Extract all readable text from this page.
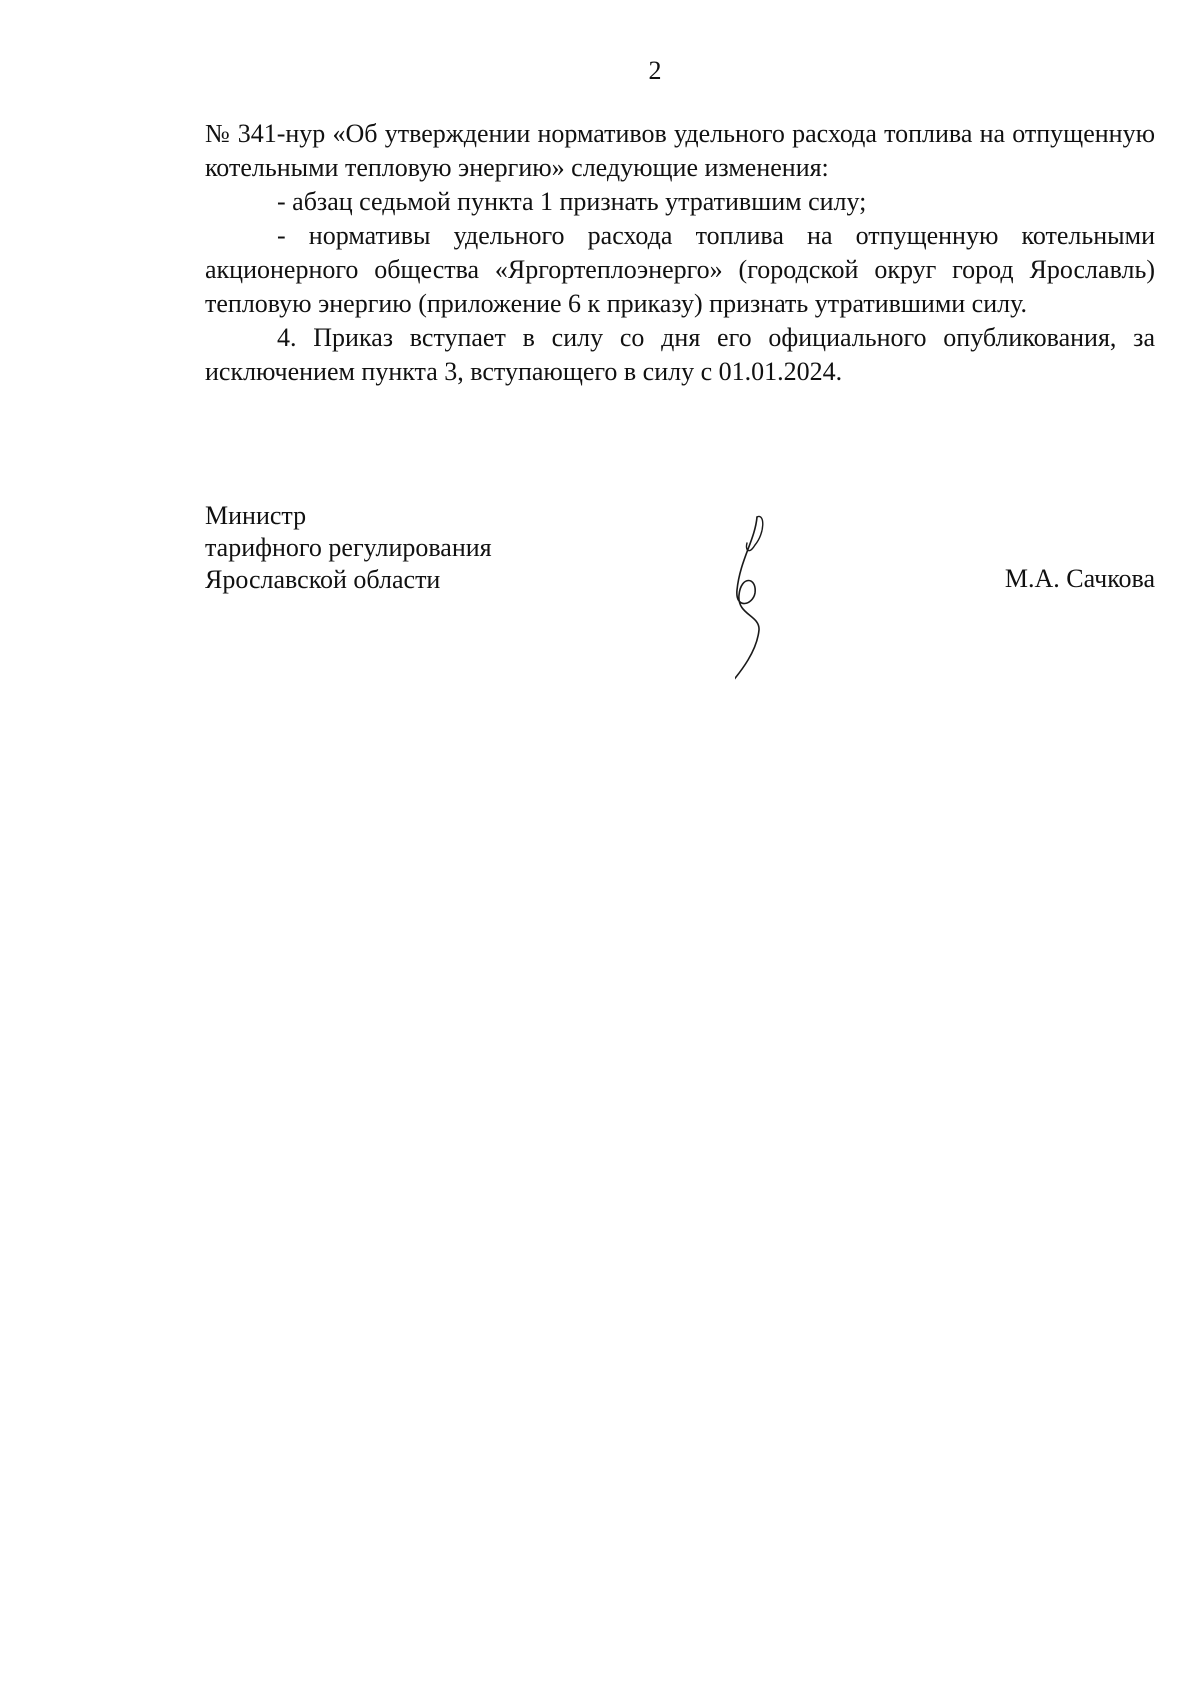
2

№ 341-нур «Об утверждении нормативов удельного расхода топлива на отпущенную котельными тепловую энергию» следующие изменения:

- абзац седьмой пункта 1 признать утратившим силу;

- нормативы удельного расхода топлива на отпущенную котельными акционерного общества «Яргортеплоэнерго» (городской округ город Ярославль) тепловую энергию (приложение 6 к приказу) признать утратившими силу.

4. Приказ вступает в силу со дня его официального опубликования, за исключением пункта 3, вступающего в силу с 01.01.2024.

Министр
тарифного регулирования
Ярославской области	М.А. Сачкова
